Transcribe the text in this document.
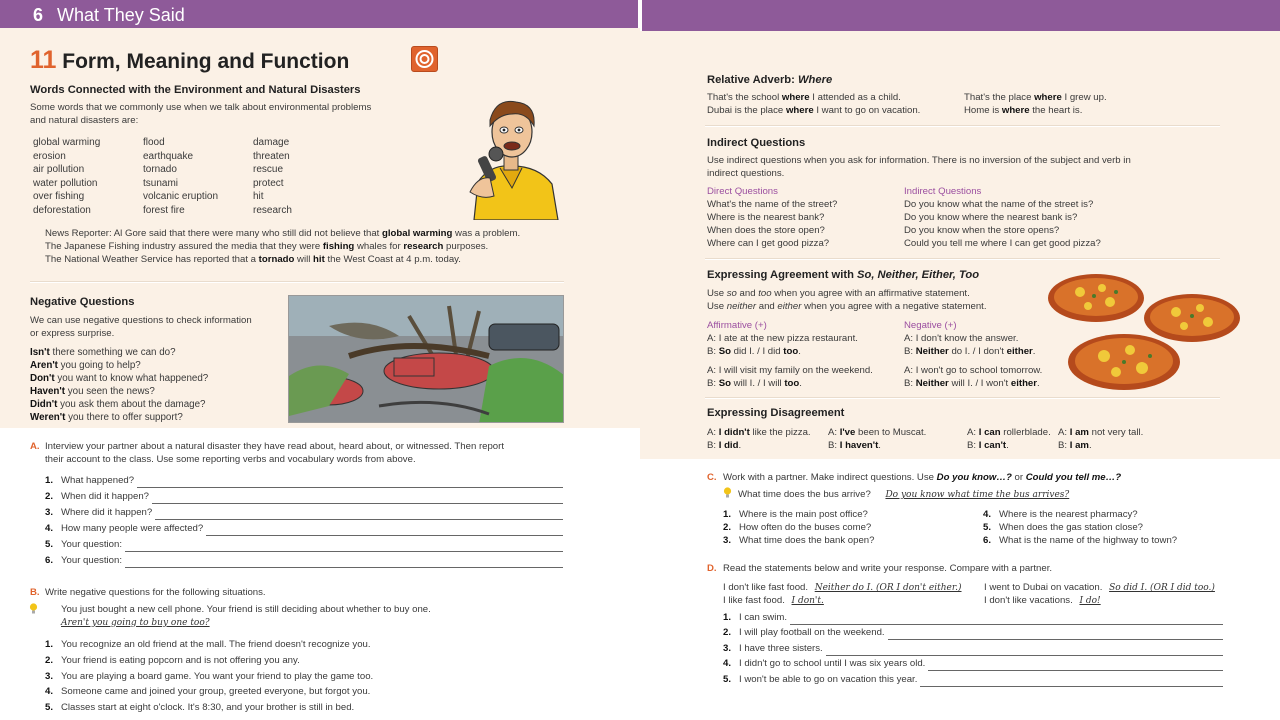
6 What They Said
11 Form, Meaning and Function
Words Connected with the Environment and Natural Disasters
Some words that we commonly use when we talk about environmental problems
and natural disasters are:
global warming
erosion
air pollution
water pollution
over fishing
deforestation
flood
earthquake
tornado
tsunami
volcanic eruption
forest fire
damage
threaten
rescue
protect
hit
research
News Reporter: Al Gore said that there were many who still did not believe that global warming was a problem.
The Japanese Fishing industry assured the media that they were fishing whales for research purposes.
The National Weather Service has reported that a tornado will hit the West Coast at 4 p.m. today.
Negative Questions
We can use negative questions to check information
or express surprise.
Isn't there something we can do?
Aren't you going to help?
Don't you want to know what happened?
Haven't you seen the news?
Didn't you ask them about the damage?
Weren't you there to offer support?
A. Interview your partner about a natural disaster they have read about, heard about, or witnessed. Then report
their account to the class. Use some reporting verbs and vocabulary words from above.
1. What happened?
2. When did it happen?
3. Where did it happen?
4. How many people were affected?
5. Your question:
6. Your question:
B. Write negative questions for the following situations.
You just bought a new cell phone. Your friend is still deciding about whether to buy one.
Aren't you going to buy one too?
1. You recognize an old friend at the mall. The friend doesn't recognize you.
2. Your friend is eating popcorn and is not offering you any.
3. You are playing a board game. You want your friend to play the game too.
4. Someone came and joined your group, greeted everyone, but forgot you.
5. Classes start at eight o'clock. It's 8:30, and your brother is still in bed.
Relative Adverb: Where
That's the school where I attended as a child.
Dubai is the place where I want to go on vacation.
That's the place where I grew up.
Home is where the heart is.
Indirect Questions
Use indirect questions when you ask for information. There is no inversion of the subject and verb in
indirect questions.
Direct Questions
What's the name of the street?
Where is the nearest bank?
When does the store open?
Where can I get good pizza?
Indirect Questions
Do you know what the name of the street is?
Do you know where the nearest bank is?
Do you know when the store opens?
Could you tell me where I can get good pizza?
Expressing Agreement with So, Neither, Either, Too
Use so and too when you agree with an affirmative statement.
Use neither and either when you agree with a negative statement.
Affirmative (+)
A: I ate at the new pizza restaurant.
B: So did I. / I did too.
A: I will visit my family on the weekend.
B: So will I. / I will too.
Negative (+)
A: I don't know the answer.
B: Neither do I. / I don't either.
A: I won't go to school tomorrow.
B: Neither will I. / I won't either.
Expressing Disagreement
A: I didn't like the pizza.
B: I did.
A: I've been to Muscat.
B: I haven't.
A: I can rollerblade.
B: I can't.
A: I am not very tall.
B: I am.
C. Work with a partner. Make indirect questions. Use Do you know…? or Could you tell me…?
What time does the bus arrive? Do you know what time the bus arrives?
1. Where is the main post office?
2. How often do the buses come?
3. What time does the bank open?
4. Where is the nearest pharmacy?
5. When does the gas station close?
6. What is the name of the highway to town?
D. Read the statements below and write your response. Compare with a partner.
I don't like fast food. Neither do I. (OR I don't either.)
I like fast food. I don't.
I went to Dubai on vacation. So did I. (OR I did too.)
I don't like vacations. I do!
1. I can swim.
2. I will play football on the weekend.
3. I have three sisters.
4. I didn't go to school until I was six years old.
5. I won't be able to go on vacation this year.
